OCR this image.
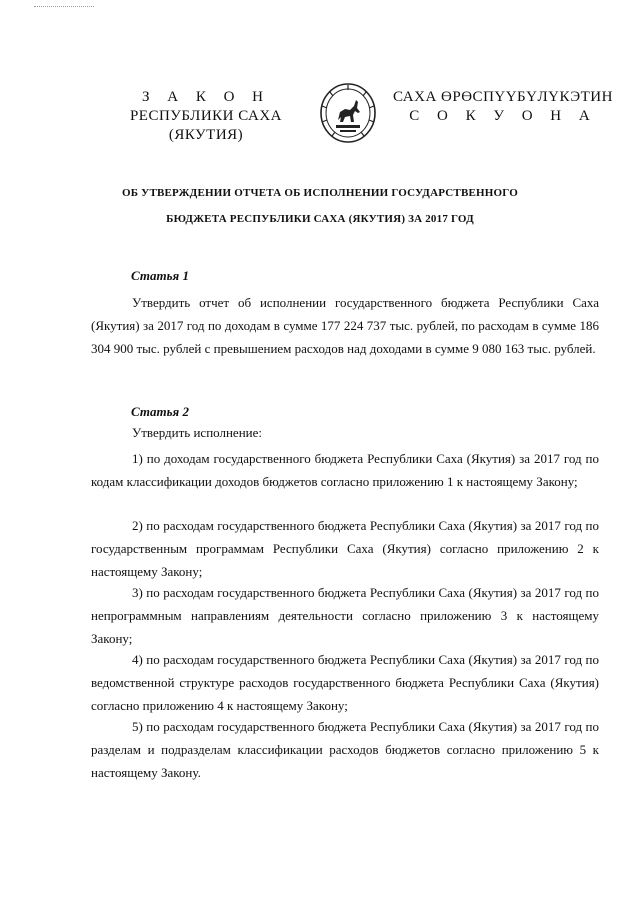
З А К О Н
РЕСПУБЛИКИ САХА (ЯКУТИЯ)
САХА ӨРӨСПҮҮБҮЛҮКЭТИН
С О К У О Н А
ОБ УТВЕРЖДЕНИИ ОТЧЕТА ОБ ИСПОЛНЕНИИ ГОСУДАРСТВЕННОГО
БЮДЖЕТА РЕСПУБЛИКИ САХА (ЯКУТИЯ) ЗА 2017 ГОД
Статья 1
Утвердить отчет об исполнении государственного бюджета Республики Саха (Якутия) за 2017 год по доходам в сумме 177 224 737 тыс. рублей, по расходам в сумме 186 304 900 тыс. рублей с превышением расходов над доходами в сумме 9 080 163 тыс. рублей.
Статья 2
Утвердить исполнение:
1) по доходам государственного бюджета Республики Саха (Якутия) за 2017 год по кодам классификации доходов бюджетов согласно приложению 1 к настоящему Закону;
2) по расходам государственного бюджета Республики Саха (Якутия) за 2017 год по государственным программам Республики Саха (Якутия) согласно приложению 2 к настоящему Закону;
3) по расходам государственного бюджета Республики Саха (Якутия) за 2017 год по непрограммным направлениям деятельности согласно приложению 3 к настоящему Закону;
4) по расходам государственного бюджета Республики Саха (Якутия) за 2017 год по ведомственной структуре расходов государственного бюджета Республики Саха (Якутия) согласно приложению 4 к настоящему Закону;
5) по расходам государственного бюджета Республики Саха (Якутия) за 2017 год по разделам и подразделам классификации расходов бюджетов согласно приложению 5 к настоящему Закону.
